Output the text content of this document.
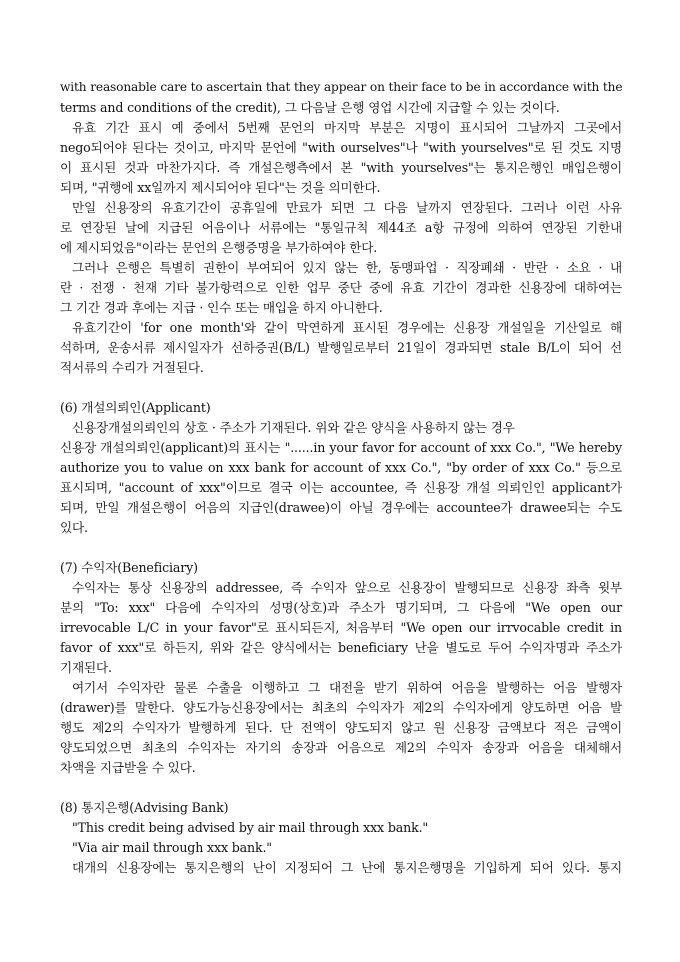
with reasonable care to ascertain that they appear on their face to be in accordance with the
terms and conditions of the credit), 그 다음날 은행 영업 시간에 지급할 수 있는 것이다.
유효 기간 표시 예 중에서 5번째 문언의 마지막 부분은 지명이 표시되어 그날까지 그곳에서
nego되어야 된다는 것이고, 마지막 문언에 "with ourselves"나 "with yourselves"로 된 것도 지명
이 표시된 것과 마찬가지다. 즉 개설은행측에서 본 "with yourselves"는 통지은행인 매입은행이
되며, "귀행에 xx일까지 제시되어야 된다"는 것을 의미한다.
만일 신용장의 유효기간이 공휴일에 만료가 되면 그 다음 날까지 연장된다. 그러나 이런 사유
로 연장된 날에 지급된 어음이나 서류에는 "통일규칙 제44조 a항 규정에 의하여 연장된 기한내
에 제시되었음"이라는 문언의 은행증명을 부가하여야 한다.
그러나 은행은 특별히 권한이 부여되어 있지 않는 한, 동맹파업 · 직장폐쇄 · 반란 · 소요 · 내
란 · 전쟁 · 천재 기타 불가항력으로 인한 업무 중단 중에 유효 기간이 경과한 신용장에 대하여는
그 기간 경과 후에는 지급 · 인수 또는 매입을 하지 아니한다.
유효기간이 'for one month'와 같이 막연하게 표시된 경우에는 신용장 개설일을 기산일로 해
석하며, 운송서류 제시일자가 선하증권(B/L) 발행일로부터 21일이 경과되면 stale B/L이 되어 선
적서류의 수리가 거절된다.
(6) 개설의뢰인(Applicant)
신용장개설의뢰인의 상호 · 주소가 기재된다. 위와 같은 양식을 사용하지 않는 경우
신용장 개설의뢰인(applicant)의 표시는 "......in your favor for account of xxx Co.", "We hereby
authorize you to value on xxx bank for account of xxx Co.", "by order of xxx Co." 등으로
표시되며, "account of xxx"이므로 결국 이는 accountee, 즉 신용장 개설 의뢰인인 applicant가
되며, 만일 개설은행이 어음의 지급인(drawee)이 아닐 경우에는 accountee가 drawee되는 수도
있다.
(7) 수익자(Beneficiary)
수익자는 통상 신용장의 addressee, 즉 수익자 앞으로 신용장이 발행되므로 신용장 좌측 윗부
분의 "To: xxx" 다음에 수익자의 성명(상호)과 주소가 명기되며, 그 다음에 "We open our
irrevocable L/C in your favor"로 표시되든지, 처음부터 "We open our irrvocable credit in
favor of xxx"로 하든지, 위와 같은 양식에서는 beneficiary 난을 별도로 두어 수익자명과 주소가
기재된다.
여기서 수익자란 물론 수출을 이행하고 그 대전을 받기 위하여 어음을 발행하는 어음 발행자
(drawer)를 말한다. 양도가능신용장에서는 최초의 수익자가 제2의 수익자에게 양도하면 어음 발
행도 제2의 수익자가 발행하게 된다. 단 전액이 양도되지 않고 원 신용장 금액보다 적은 금액이
양도되었으면 최초의 수익자는 자기의 송장과 어음으로 제2의 수익자 송장과 어음을 대체해서
차액을 지급받을 수 있다.
(8) 통지은행(Advising Bank)
"This credit being advised by air mail through xxx bank."
"Via air mail through xxx bank."
대개의 신용장에는 통지은행의 난이 지정되어 그 난에 통지은행명을 기입하게 되어 있다. 통지
